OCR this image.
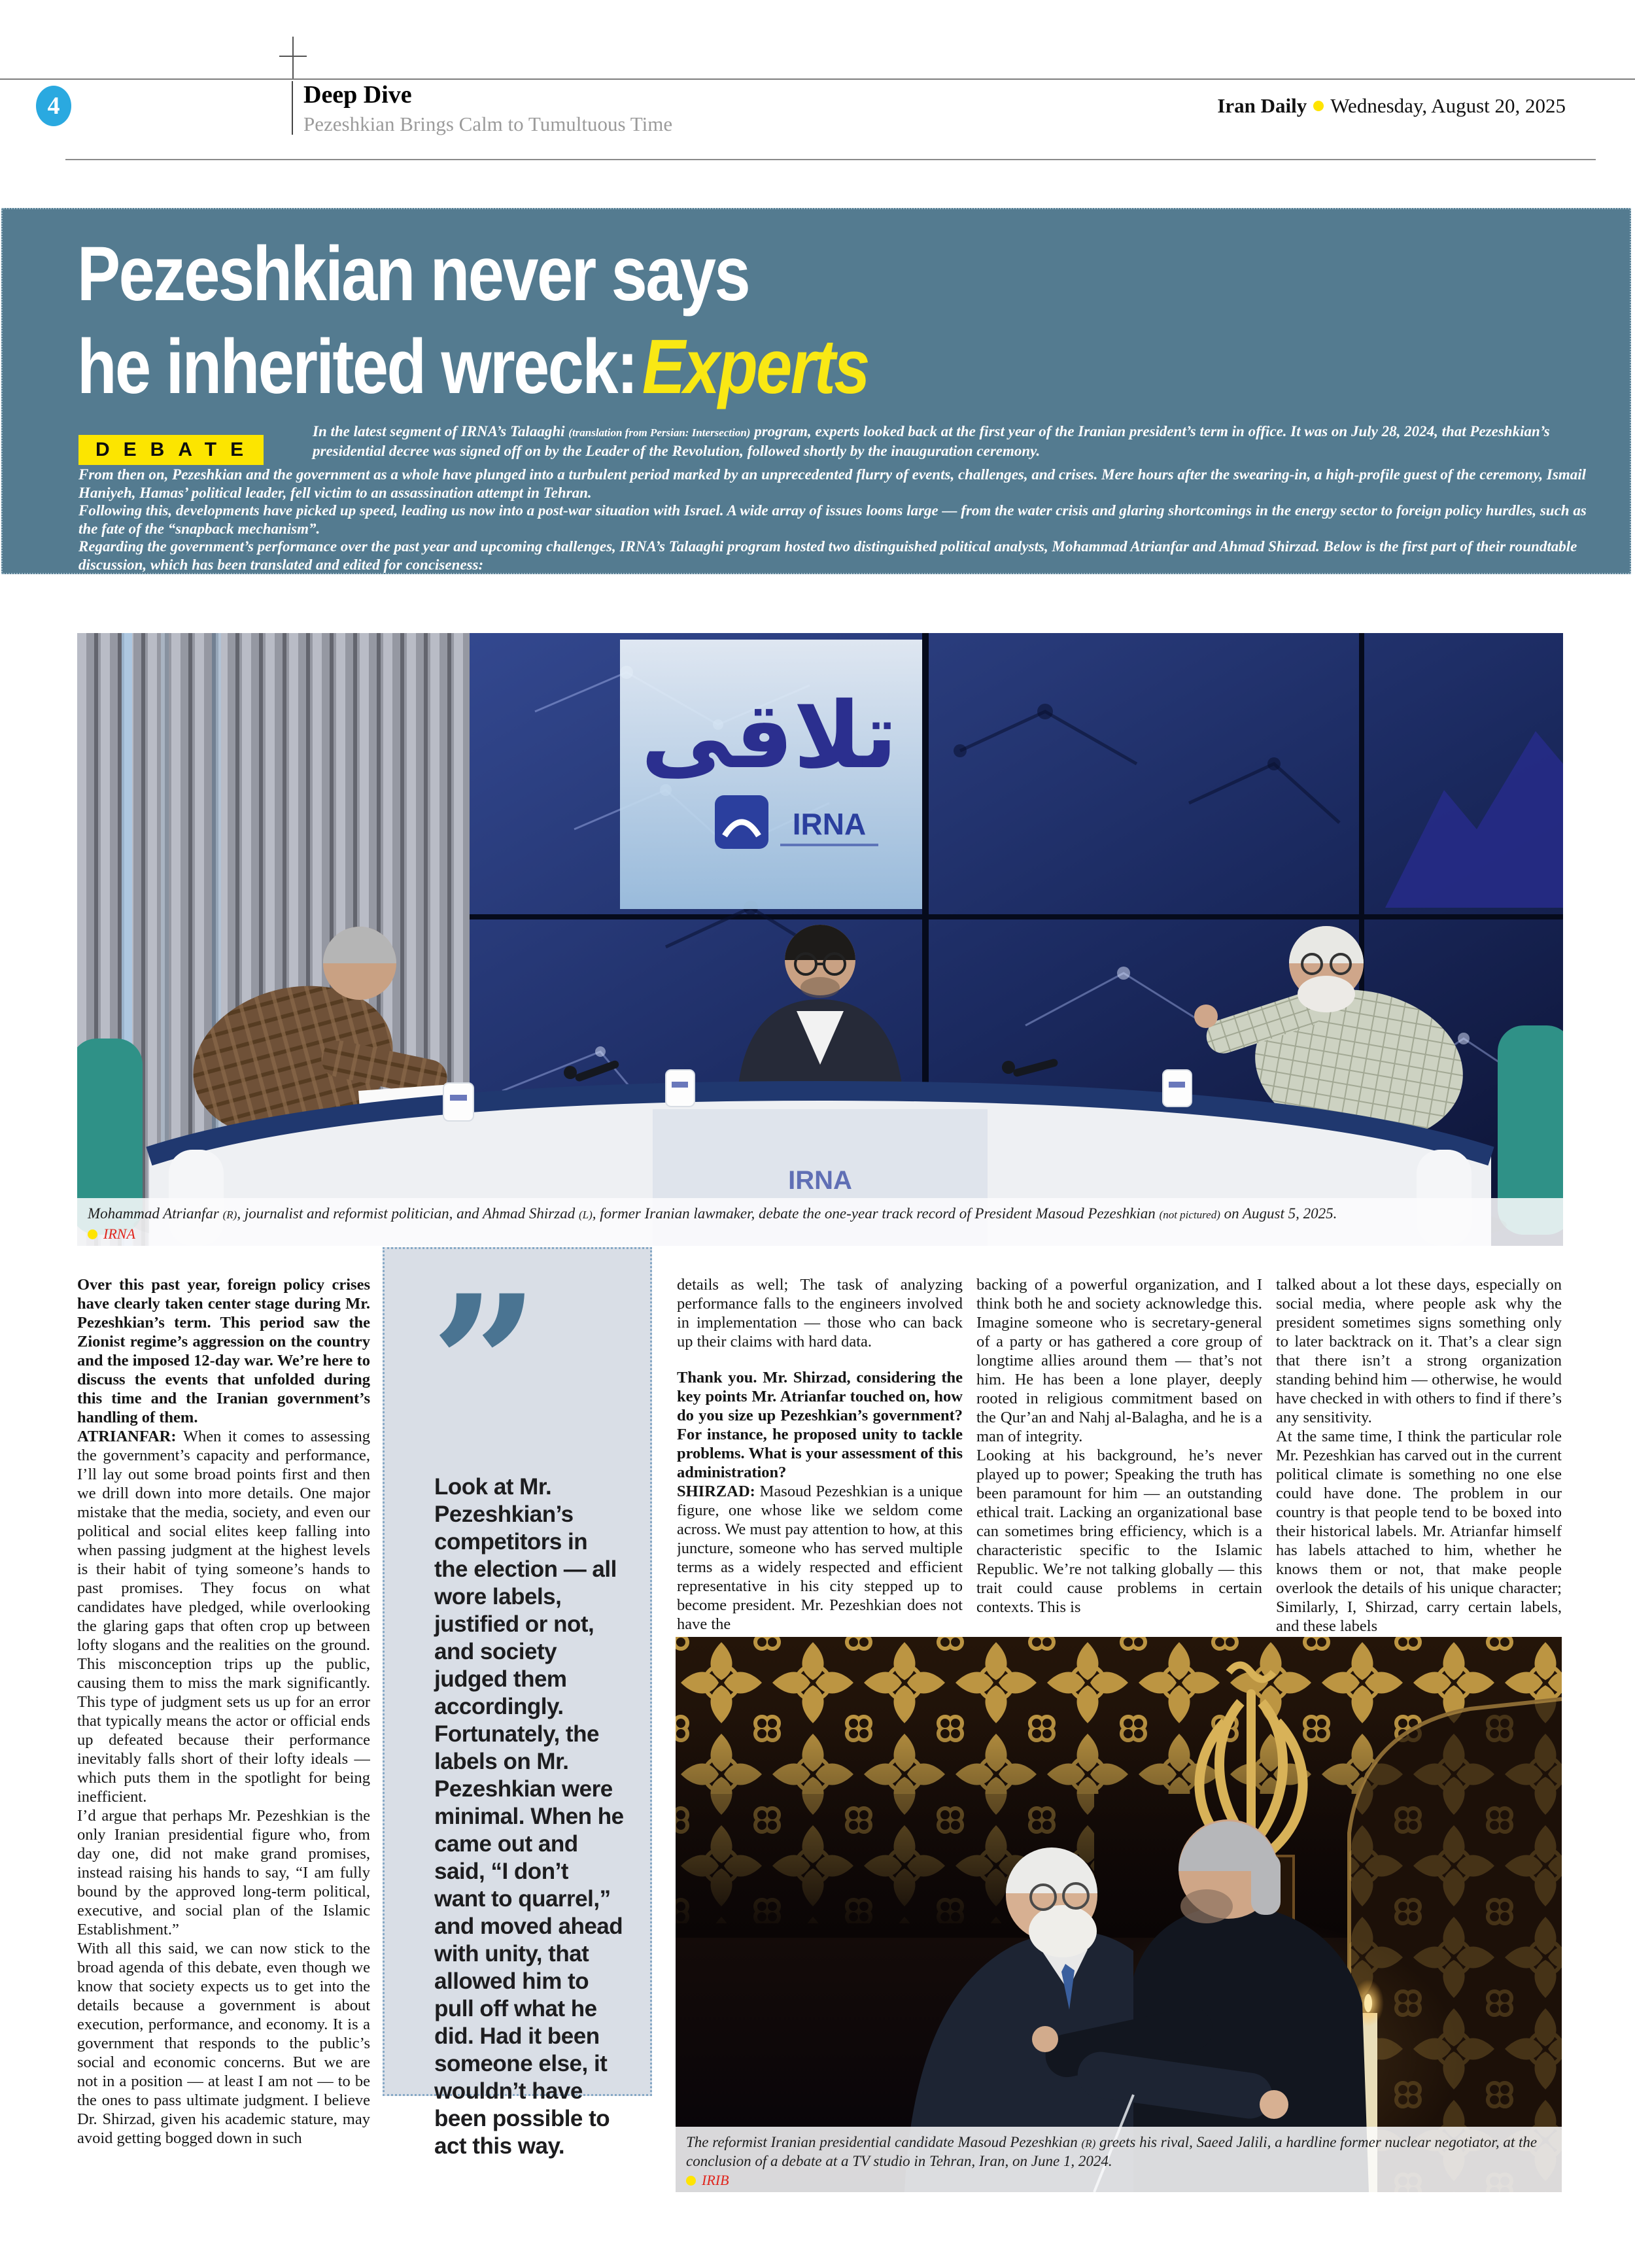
4	Deep Dive
Pezeshkian Brings Calm to Tumultuous Time
Iran Daily Wednesday, August 20, 2025
Pezeshkian never says
he inherited wreck:Experts
DEBATE

In the latest segment of IRNA’s Talaaghi (translation from Persian: Intersection) program, experts looked back at the first year of the Iranian president’s term in office. It was on July 28, 2024, that Pezeshkian’s presidential decree was signed off on by the Leader of the Revolution, followed shortly by the inauguration ceremony.

From then on, Pezeshkian and the government as a whole have plunged into a turbulent period marked by an unprecedented flurry of events, challenges, and crises. Mere hours after the swearing-in, a high-profile guest of the ceremony, Ismail Haniyeh, Hamas’ political leader, fell victim to an assassination attempt in Tehran.

Following this, developments have picked up speed, leading us now into a post-war situation with Israel. A wide array of issues looms large — from the water crisis and glaring shortcomings in the energy sector to foreign policy hurdles, such as the fate of the “snapback mechanism”.

Regarding the government’s performance over the past year and upcoming challenges, IRNA’s Talaaghi program hosted two distinguished political analysts, Mohammad Atrianfar and Ahmad Shirzad. Below is the first part of their roundtable discussion, which has been translated and edited for conciseness:

تلاقی
IRNA
IRNA
Mohammad Atrianfar (R), journalist and reformist politician, and Ahmad Shirzad (L), former Iranian lawmaker, debate the one-year track record of President Masoud Pezeshkian (not pictured) on August 5, 2025.
IRNA

Over this past year, foreign policy crises have clearly taken center stage during Mr. Pezeshkian’s term. This period saw the Zionist regime’s aggression on the country and the imposed 12-day war. We’re here to discuss the events that unfolded during this time and the Iranian government’s handling of them.

ATRIANFAR: When it comes to assessing the government’s capacity and performance, I’ll lay out some broad points first and then we drill down into more details. One major mistake that the media, society, and even our political and social elites keep falling into when passing judgment at the highest levels is their habit of tying someone’s hands to past promises. They focus on what candidates have pledged, while overlooking the glaring gaps that often crop up between lofty slogans and the realities on the ground. This misconception trips up the public, causing them to miss the mark significantly. This type of judgment sets us up for an error that typically means the actor or official ends up defeated because their performance inevitably falls short of their lofty ideals — which puts them in the spotlight for being inefficient.

I’d argue that perhaps Mr. Pezeshkian is the only Iranian presidential figure who, from day one, did not make grand promises, instead raising his hands to say, “I am fully bound by the approved long-term political, executive, and social plan of the Islamic Establishment.”

With all this said, we can now stick to the broad agenda of this debate, even though we know that society expects us to get into the details because a government is about execution, performance, and economy. It is a government that responds to the public’s social and economic concerns. But we are not in a position — at least I am not — to be the ones to pass ultimate judgment. I believe Dr. Shirzad, given his academic stature, may avoid getting bogged down in such

”
Look at Mr. Pezeshkian’s competitors in the election — all wore labels, justified or not, and society judged them accordingly. Fortunately, the labels on Mr. Pezeshkian were minimal. When he came out and said, “I don’t want to quarrel,” and moved ahead with unity, that allowed him to pull off what he did. Had it been someone else, it wouldn’t have been possible to act this way.

details as well; The task of analyzing performance falls to the engineers involved in implementation — those who can back up their claims with hard data.

Thank you. Mr. Shirzad, considering the key points Mr. Atrianfar touched on, how do you size up Pezeshkian’s government? For instance, he proposed unity to tackle problems. What is your assessment of this administration?

SHIRZAD: Masoud Pezeshkian is a unique figure, one whose like we seldom come across. We must pay attention to how, at this juncture, someone who has served multiple terms as a widely respected and efficient representative in his city stepped up to become president. Mr. Pezeshkian does not have the

backing of a powerful organization, and I think both he and society acknowledge this. Imagine someone who is secretary-general of a party or has gathered a core group of longtime allies around them — that’s not him. He has been a lone player, deeply rooted in religious commitment based on the Qur’an and Nahj al-Balagha, and he is a man of integrity.

Looking at his background, he’s never played up to power; Speaking the truth has been paramount for him — an outstanding ethical trait. Lacking an organizational base can sometimes bring efficiency, which is a characteristic specific to the Islamic Republic. We’re not talking globally — this trait could cause problems in certain contexts. This is

talked about a lot these days, especially on social media, where people ask why the president sometimes signs something only to later backtrack on it. That’s a clear sign that there isn’t a strong organization standing behind him — otherwise, he would have checked in with others to find if there’s any sensitivity.

At the same time, I think the particular role Mr. Pezeshkian has carved out in the current political climate is something no one else could have done. The problem in our country is that people tend to be boxed into their historical labels. Mr. Atrianfar himself has labels attached to him, whether he knows them or not, that make people overlook the details of his unique character; Similarly, I, Shirzad, carry certain labels, and these labels

The reformist Iranian presidential candidate Masoud Pezeshkian (R) greets his rival, Saeed Jalili, a hardline former nuclear negotiator, at the conclusion of a debate at a TV studio in Tehran, Iran, on June 1, 2024.
IRIB
